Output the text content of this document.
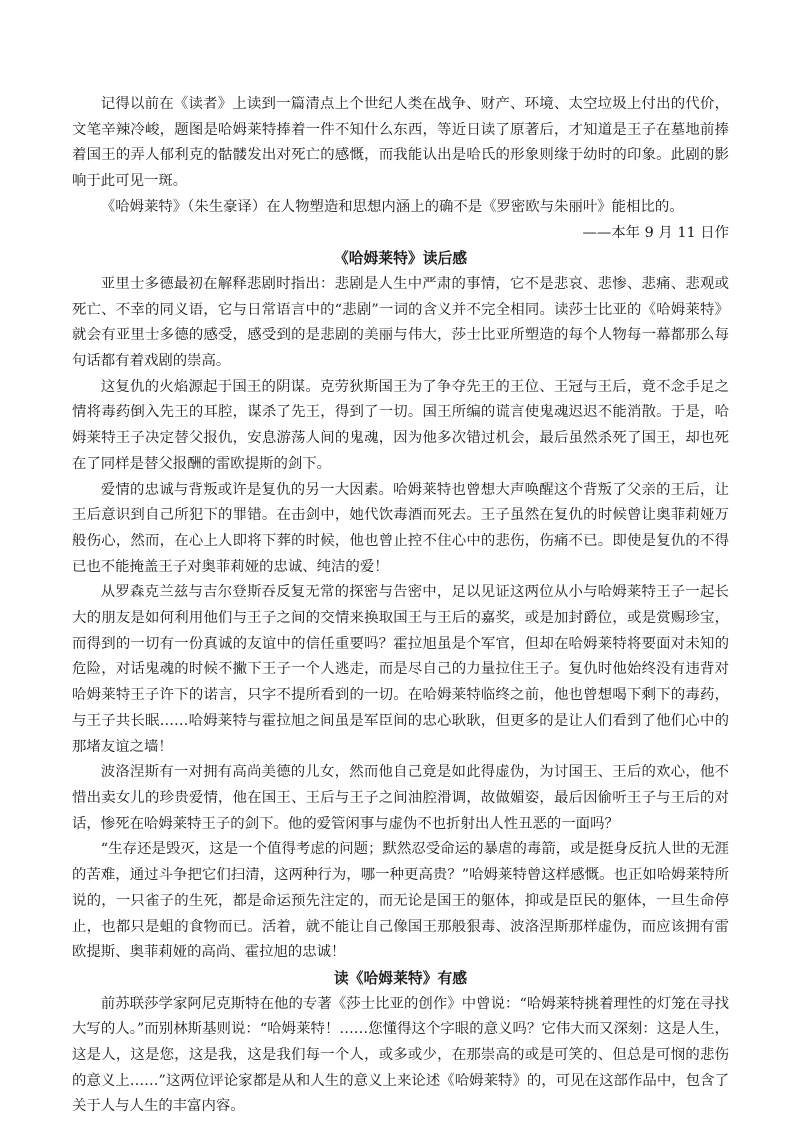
记得以前在《读者》上读到一篇清点上个世纪人类在战争、财产、环境、太空垃圾上付出的代价，文笔辛辣冷峻，题图是哈姆莱特捧着一件不知什么东西，等近日读了原著后，才知道是王子在墓地前捧着国王的弄人郁利克的骷髅发出对死亡的感慨，而我能认出是哈氏的形象则缘于幼时的印象。此剧的影响于此可见一斑。

《哈姆莱特》（朱生豪译）在人物塑造和思想内涵上的确不是《罗密欧与朱丽叶》能相比的。

——本年 9 月 11 日作

《哈姆莱特》读后感

亚里士多德最初在解释悲剧时指出：悲剧是人生中严肃的事情，它不是悲哀、悲惨、悲痛、悲观或死亡、不幸的同义语，它与日常语言中的“悲剧”一词的含义并不完全相同。读莎士比亚的《哈姆莱特》就会有亚里士多德的感受，感受到的是悲剧的美丽与伟大，莎士比亚所塑造的每个人物每一幕都那么每句话都有着戏剧的崇高。

这复仇的火焰源起于国王的阴谋。克劳狄斯国王为了争夺先王的王位、王冠与王后，竟不念手足之情将毒药倒入先王的耳腔，谋杀了先王，得到了一切。国王所编的谎言使鬼魂迟迟不能消散。于是，哈姆莱特王子决定替父报仇，安息游荡人间的鬼魂，因为他多次错过机会，最后虽然杀死了国王，却也死在了同样是替父报酬的雷欧提斯的剑下。

爱情的忠诚与背叛或许是复仇的另一大因素。哈姆莱特也曾想大声唤醒这个背叛了父亲的王后，让王后意识到自己所犯下的罪错。在击剑中，她代饮毒酒而死去。王子虽然在复仇的时候曾让奥菲莉娅万般伤心，然而，在心上人即将下葬的时候，他也曾止控不住心中的悲伤，伤痛不已。即使是复仇的不得已也不能掩盖王子对奥菲莉娅的忠诚、纯洁的爱！

从罗森克兰兹与吉尔登斯吞反复无常的探密与告密中，足以见证这两位从小与哈姆莱特王子一起长大的朋友是如何利用他们与王子之间的交情来换取国王与王后的嘉奖，或是加封爵位，或是赏赐珍宝，而得到的一切有一份真诚的友谊中的信任重要吗？霍拉旭虽是个军官，但却在哈姆莱特将要面对未知的危险，对话鬼魂的时候不撇下王子一个人逃走，而是尽自己的力量拉住王子。复仇时他始终没有违背对哈姆莱特王子许下的诺言，只字不提所看到的一切。在哈姆莱特临终之前，他也曾想喝下剩下的毒药，与王子共长眠……哈姆莱特与霍拉旭之间虽是军臣间的忠心耿耿，但更多的是让人们看到了他们心中的那堵友谊之墙！

波洛涅斯有一对拥有高尚美德的儿女，然而他自己竟是如此得虚伪，为讨国王、王后的欢心，他不惜出卖女儿的珍贵爱情，他在国王、王后与王子之间油腔滑调，故做媚姿，最后因偷听王子与王后的对话，惨死在哈姆莱特王子的剑下。他的爱管闲事与虚伪不也折射出人性丑恶的一面吗？

“生存还是毁灭，这是一个值得考虑的问题；默然忍受命运的暴虐的毒箭，或是挺身反抗人世的无涯的苦难，通过斗争把它们扫清，这两种行为，哪一种更高贵？”哈姆莱特曾这样感慨。也正如哈姆莱特所说的，一只雀子的生死，都是命运预先注定的，而无论是国王的躯体，抑或是臣民的躯体，一旦生命停止，也都只是蛆的食物而已。活着，就不能让自己像国王那般狠毒、波洛涅斯那样虚伪，而应该拥有雷欧提斯、奥菲莉娅的高尚、霍拉旭的忠诚！

读《哈姆莱特》有感

前苏联莎学家阿尼克斯特在他的专著《莎士比亚的创作》中曾说：“哈姆莱特挑着理性的灯笼在寻找大写的人。”而别林斯基则说：“哈姆莱特！……您懂得这个字眼的意义吗？它伟大而又深刻：这是人生，这是人，这是您，这是我，这是我们每一个人，或多或少，在那崇高的或是可笑的、但总是可悯的悲伤的意义上……”这两位评论家都是从和人生的意义上来论述《哈姆莱特》的，可见在这部作品中，包含了关于人与人生的丰富内容。
